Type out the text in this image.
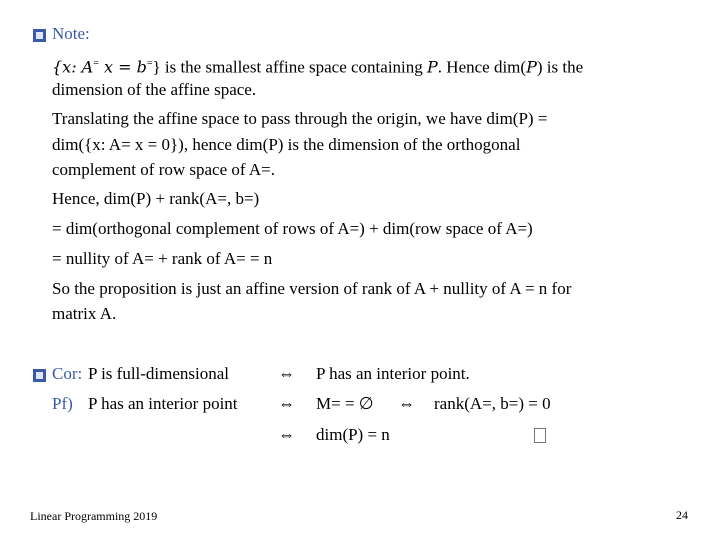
Note:
{x: A= x = b=} is the smallest affine space containing P. Hence dim(P) is the
dimension of the affine space.
Translating the affine space to pass through the origin, we have dim(P) =
dim({x: A= x = 0}), hence dim(P) is the dimension of the orthogonal
complement of row space of A=.
Hence, dim(P) + rank(A=, b=)
= dim(orthogonal complement of rows of A=) + dim(row space of A=)
= nullity of A= + rank of A= = n
So the proposition is just an affine version of rank of A + nullity of A = n for
matrix A.
Cor: P is full-dimensional	⇔ P has an interior point.
Pf) P has an interior point ⇔ M= = ∅ ⇔ rank(A=, b=) = 0
⇔ dim(P) = n
Linear Programming 2019	24
